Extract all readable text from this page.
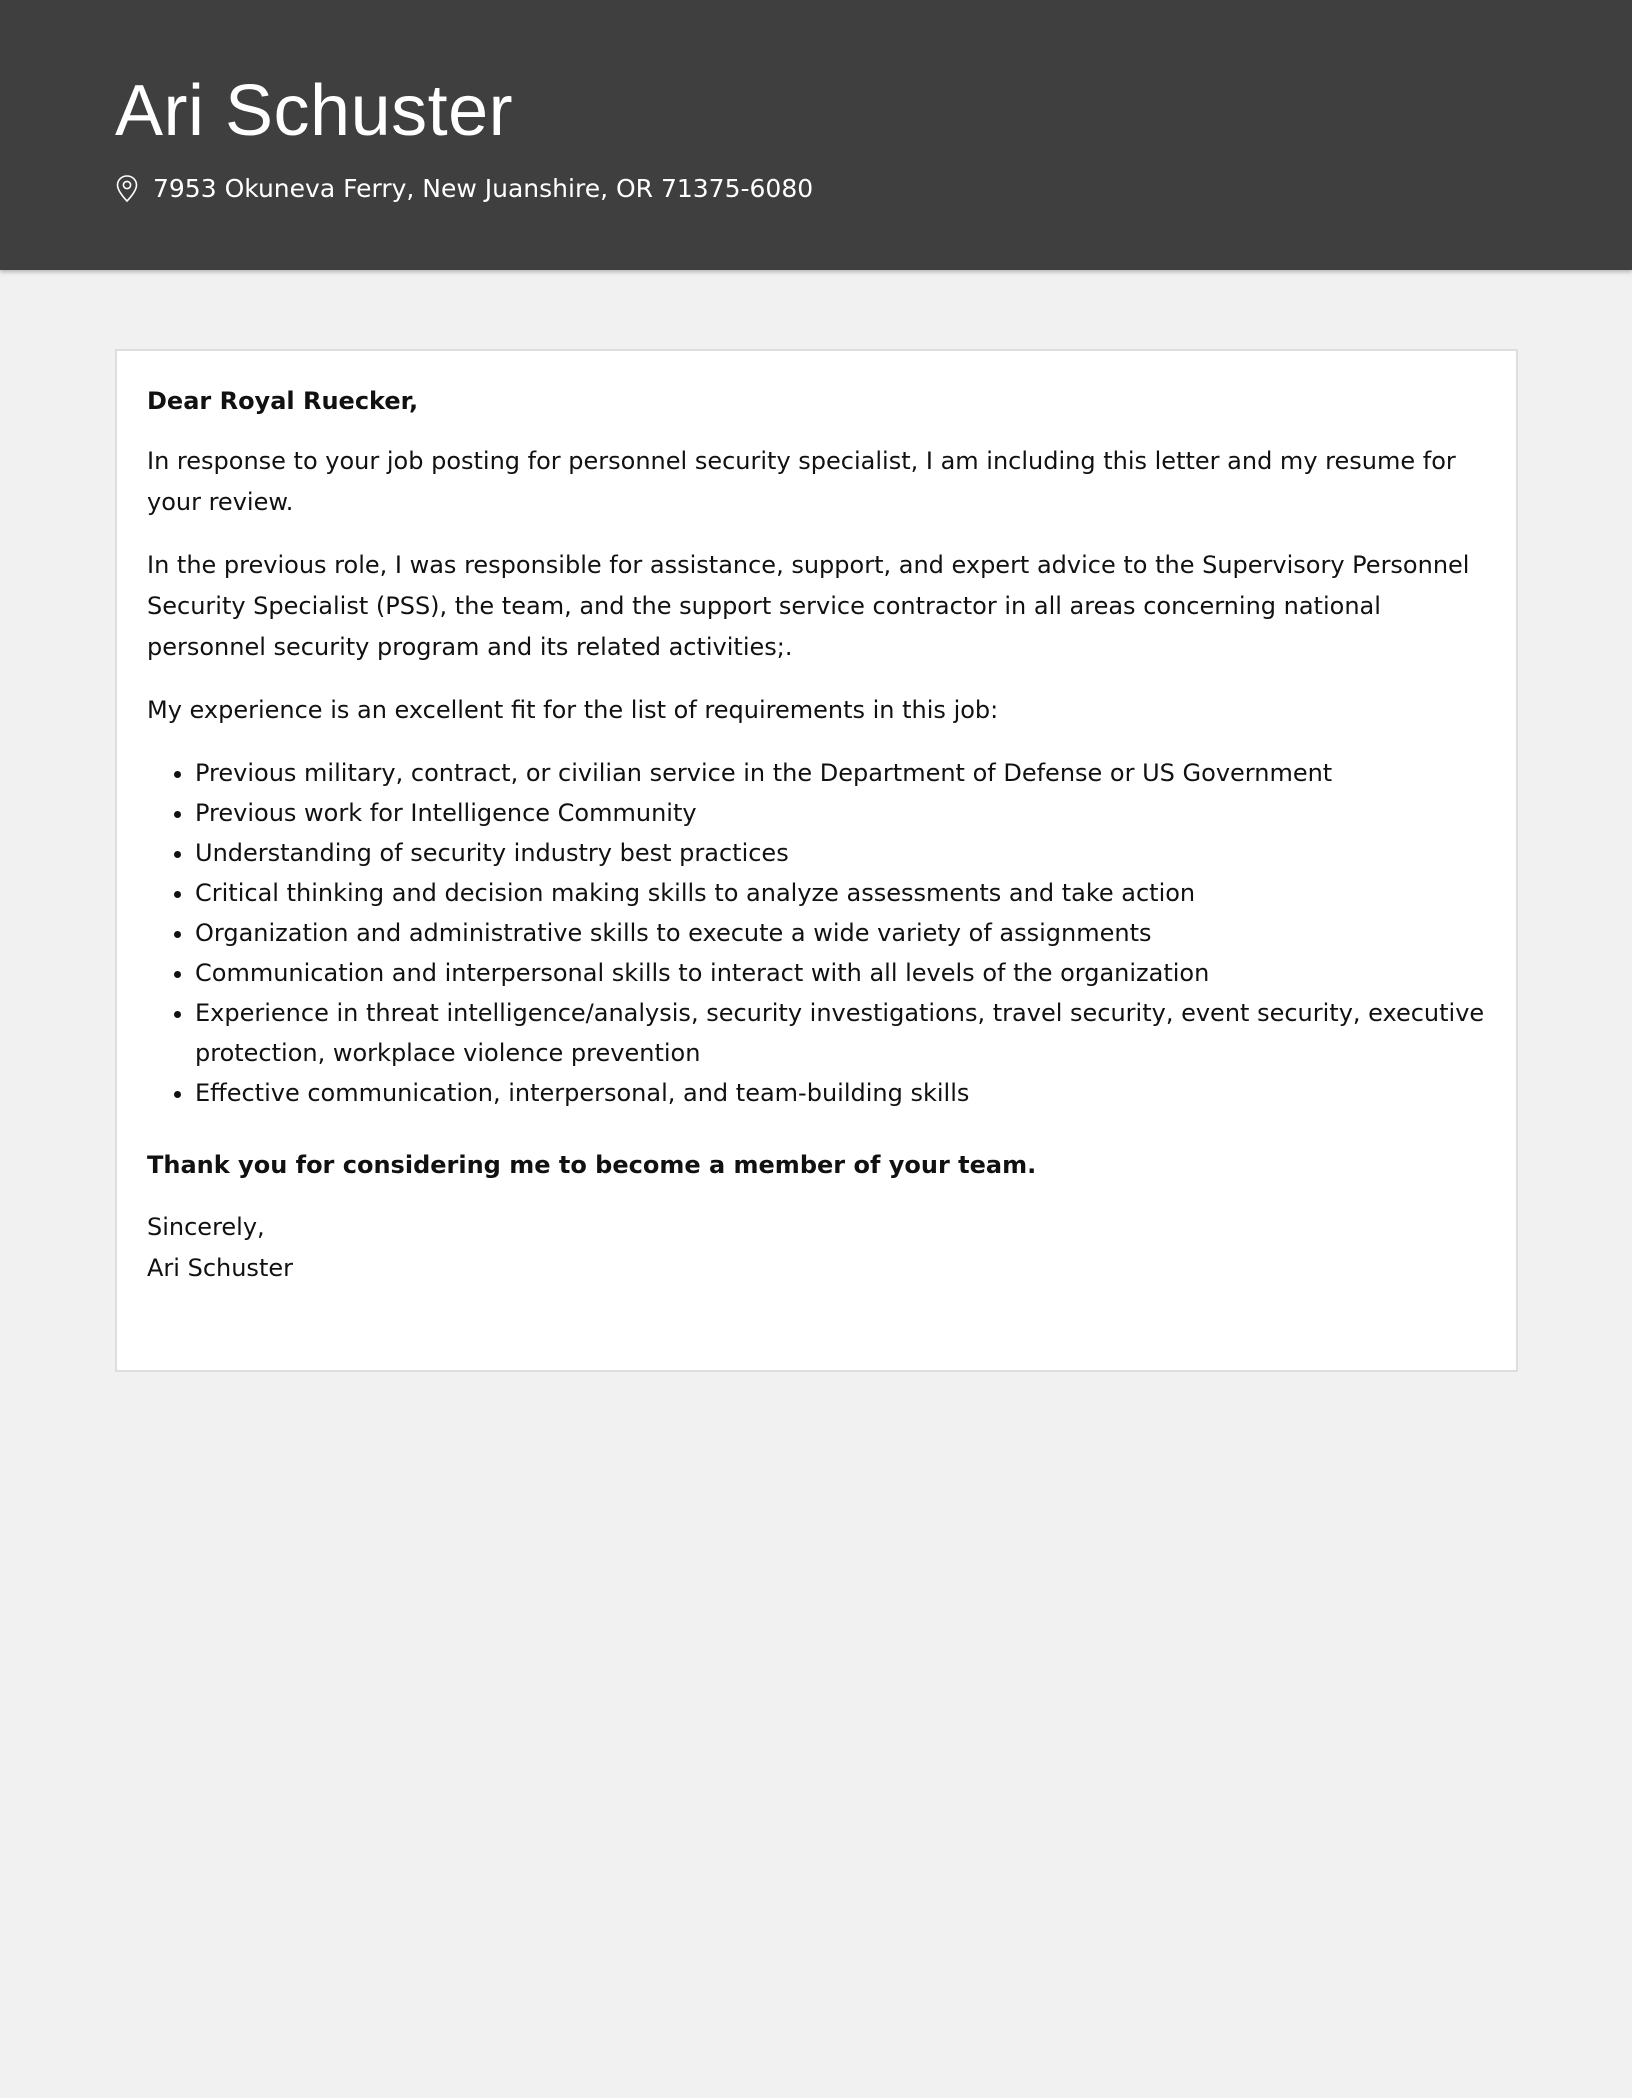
Ari Schuster
7953 Okuneva Ferry, New Juanshire, OR 71375-6080

Dear Royal Ruecker,

In response to your job posting for personnel security specialist, I am including this letter and my resume for your review.

In the previous role, I was responsible for assistance, support, and expert advice to the Supervisory Personnel Security Specialist (PSS), the team, and the support service contractor in all areas concerning national personnel security program and its related activities;.

My experience is an excellent fit for the list of requirements in this job:

• Previous military, contract, or civilian service in the Department of Defense or US Government
• Previous work for Intelligence Community
• Understanding of security industry best practices
• Critical thinking and decision making skills to analyze assessments and take action
• Organization and administrative skills to execute a wide variety of assignments
• Communication and interpersonal skills to interact with all levels of the organization
• Experience in threat intelligence/analysis, security investigations, travel security, event security, executive protection, workplace violence prevention
• Effective communication, interpersonal, and team-building skills

Thank you for considering me to become a member of your team.

Sincerely,

Ari Schuster
